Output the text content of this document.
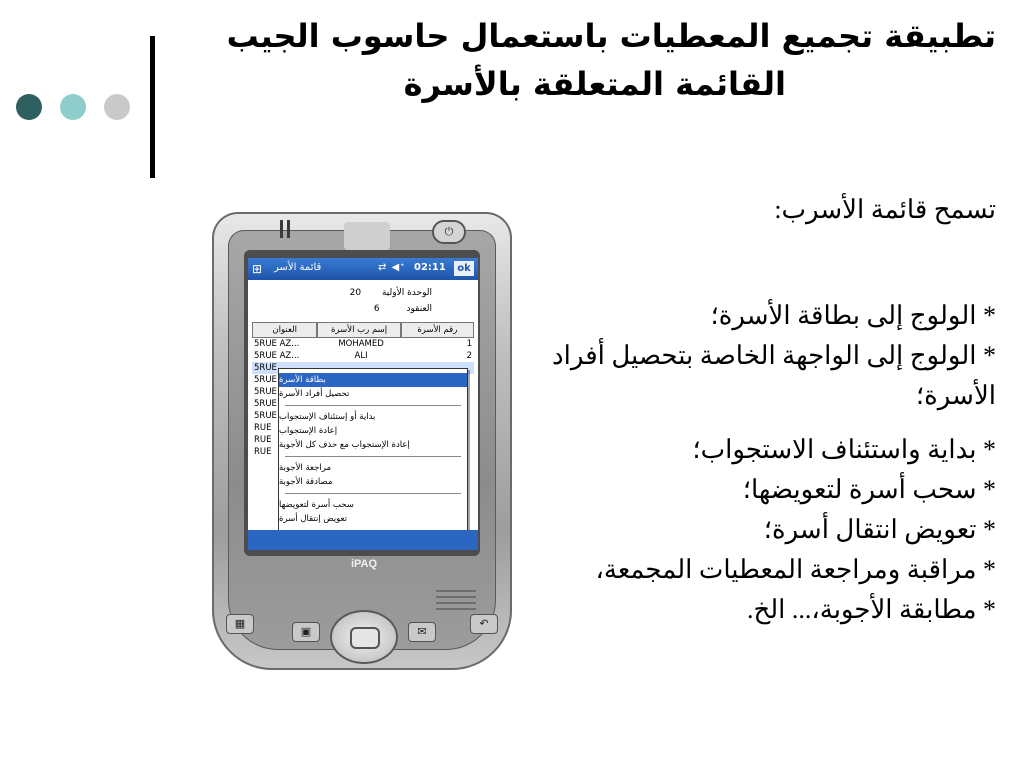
تطبيقة تجميع المعطيات باستعمال حاسوب الجيب
القائمة المتعلقة بالأسرة
⏻
⊞	قائمة الأسر	⇄ ◀ᐩ 02:11	ok
الوحدة الأولية 20
العنقود 6
العنوان	إسم رب الأسرة	رقم الأسرة
5RUE AZ...	MOHAMED	1
5RUE AZ...	ALI	2
5RUE
5RUE
5RUE
5RUE
5RUE
RUE
RUE
RUE
بطاقة الأسرة
تحصيل أفراد الأسرة
بداية أو إستئناف الإستجواب
إعادة الإستجواب
إعادة الإستجواب مع حذف كل الأجوبة
مراجعة الأجوبة
مصادقة الأجوبة
سحب أسرة لتعويضها
تعويض إنتقال أسرة
iPAQ
▦
▣	✉
↶
تسمح قائمة الأسرب:
* الولوج إلى بطاقة الأسرة؛
* الولوج إلى الواجهة الخاصة بتحصيل أفراد الأسرة؛
* بداية واستئناف الاستجواب؛
* سحب أسرة لتعويضها؛
* تعويض انتقال أسرة؛
* مراقبة ومراجعة المعطيات المجمعة،
* مطابقة الأجوبة،... الخ.
